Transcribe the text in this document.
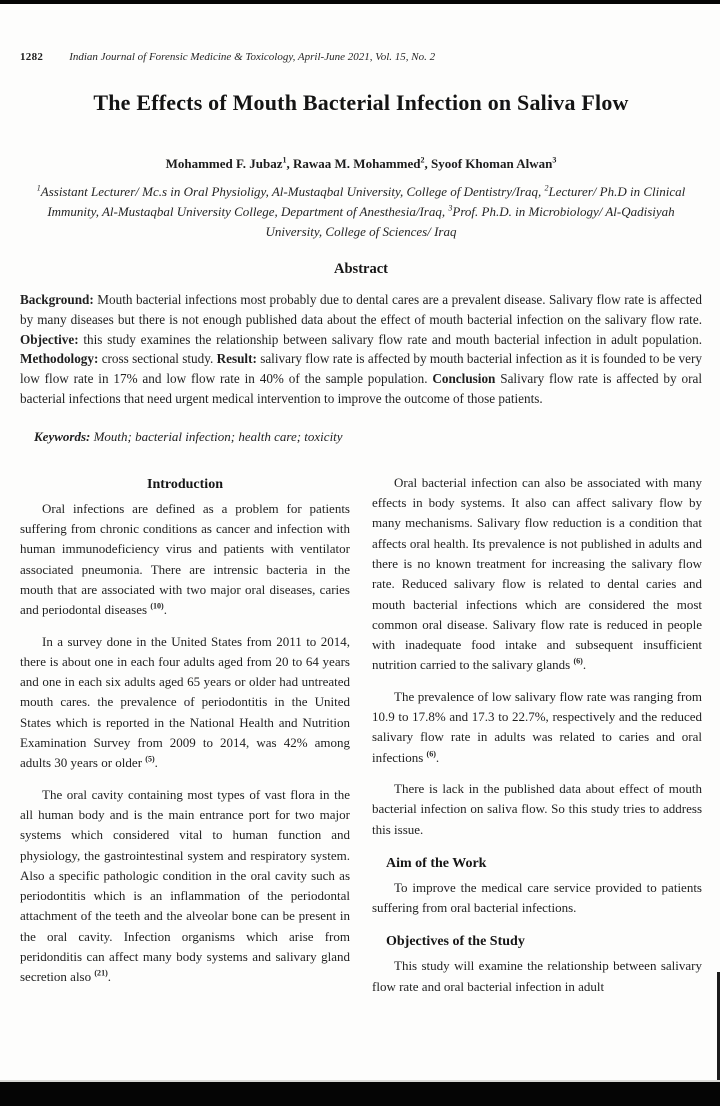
1282 Indian Journal of Forensic Medicine & Toxicology, April-June 2021, Vol. 15, No. 2
The Effects of Mouth Bacterial Infection on Saliva Flow

Mohammed F. Jubaz$^1$, Rawaa M. Mohammed$^2$, Syoof Khoman Alwan$^3$

$^1$Assistant Lecturer/ Mc.s in Oral Physioligy, Al-Mustaqbal University, College of Dentistry/Iraq, $^2$Lecturer/ Ph.D in Clinical Immunity, Al-Mustaqbal University College, Department of Anesthesia/Iraq, $^3$Prof. Ph.D. in Microbiology/ Al-Qadisiyah University, College of Sciences/ Iraq

Abstract

Background: Mouth bacterial infections most probably due to dental cares are a prevalent disease. Salivary flow rate is affected by many diseases but there is not enough published data about the effect of mouth bacterial infection on the salivary flow rate. Objective: this study examines the relationship between salivary flow rate and mouth bacterial infection in adult population. Methodology: cross sectional study. Result: salivary flow rate is affected by mouth bacterial infection as it is founded to be very low flow rate in 17% and low flow rate in 40% of the sample population. Conclusion Salivary flow rate is affected by oral bacterial infections that need urgent medical intervention to improve the outcome of those patients.

Keywords: Mouth; bacterial infection; health care; toxicity

Introduction

Oral infections are defined as a problem for patients suffering from chronic conditions as cancer and infection with human immunodeficiency virus and patients with ventilator associated pneumonia. There are intrensic bacteria in the mouth that are associated with two major oral diseases, caries and periodontal diseases $^{(10)}$.

In a survey done in the United States from 2011 to 2014, there is about one in each four adults aged from 20 to 64 years and one in each six adults aged 65 years or older had untreated mouth cares. the prevalence of periodontitis in the United States which is reported in the National Health and Nutrition Examination Survey from 2009 to 2014, was 42% among adults 30 years or older $^{(5)}$.

The oral cavity containing most types of vast flora in the all human body and is the main entrance port for two major systems which considered vital to human function and physiology, the gastrointestinal system and respiratory system. Also a specific pathologic condition in the oral cavity such as periodontitis which is an inflammation of the periodontal attachment of the teeth and the alveolar bone can be present in the oral cavity. Infection organisms which arise from peridonditis can affect many body systems and salivary gland secretion also $^{(21)}$.

Oral bacterial infection can also be associated with many effects in body systems. It also can affect salivary flow by many mechanisms. Salivary flow reduction is a condition that affects oral health. Its prevalence is not published in adults and there is no known treatment for increasing the salivary flow rate. Reduced salivary flow is related to dental caries and mouth bacterial infections which are considered the most common oral disease. Salivary flow rate is reduced in people with inadequate food intake and subsequent insufficient nutrition carried to the salivary glands $^{(6)}$.

The prevalence of low salivary flow rate was ranging from 10.9 to 17.8% and 17.3 to 22.7%, respectively and the reduced salivary flow rate in adults was related to caries and oral infections $^{(6)}$.

There is lack in the published data about effect of mouth bacterial infection on saliva flow. So this study tries to address this issue.

Aim of the Work

To improve the medical care service provided to patients suffering from oral bacterial infections.

Objectives of the Study

This study will examine the relationship between salivary flow rate and oral bacterial infection in adult
